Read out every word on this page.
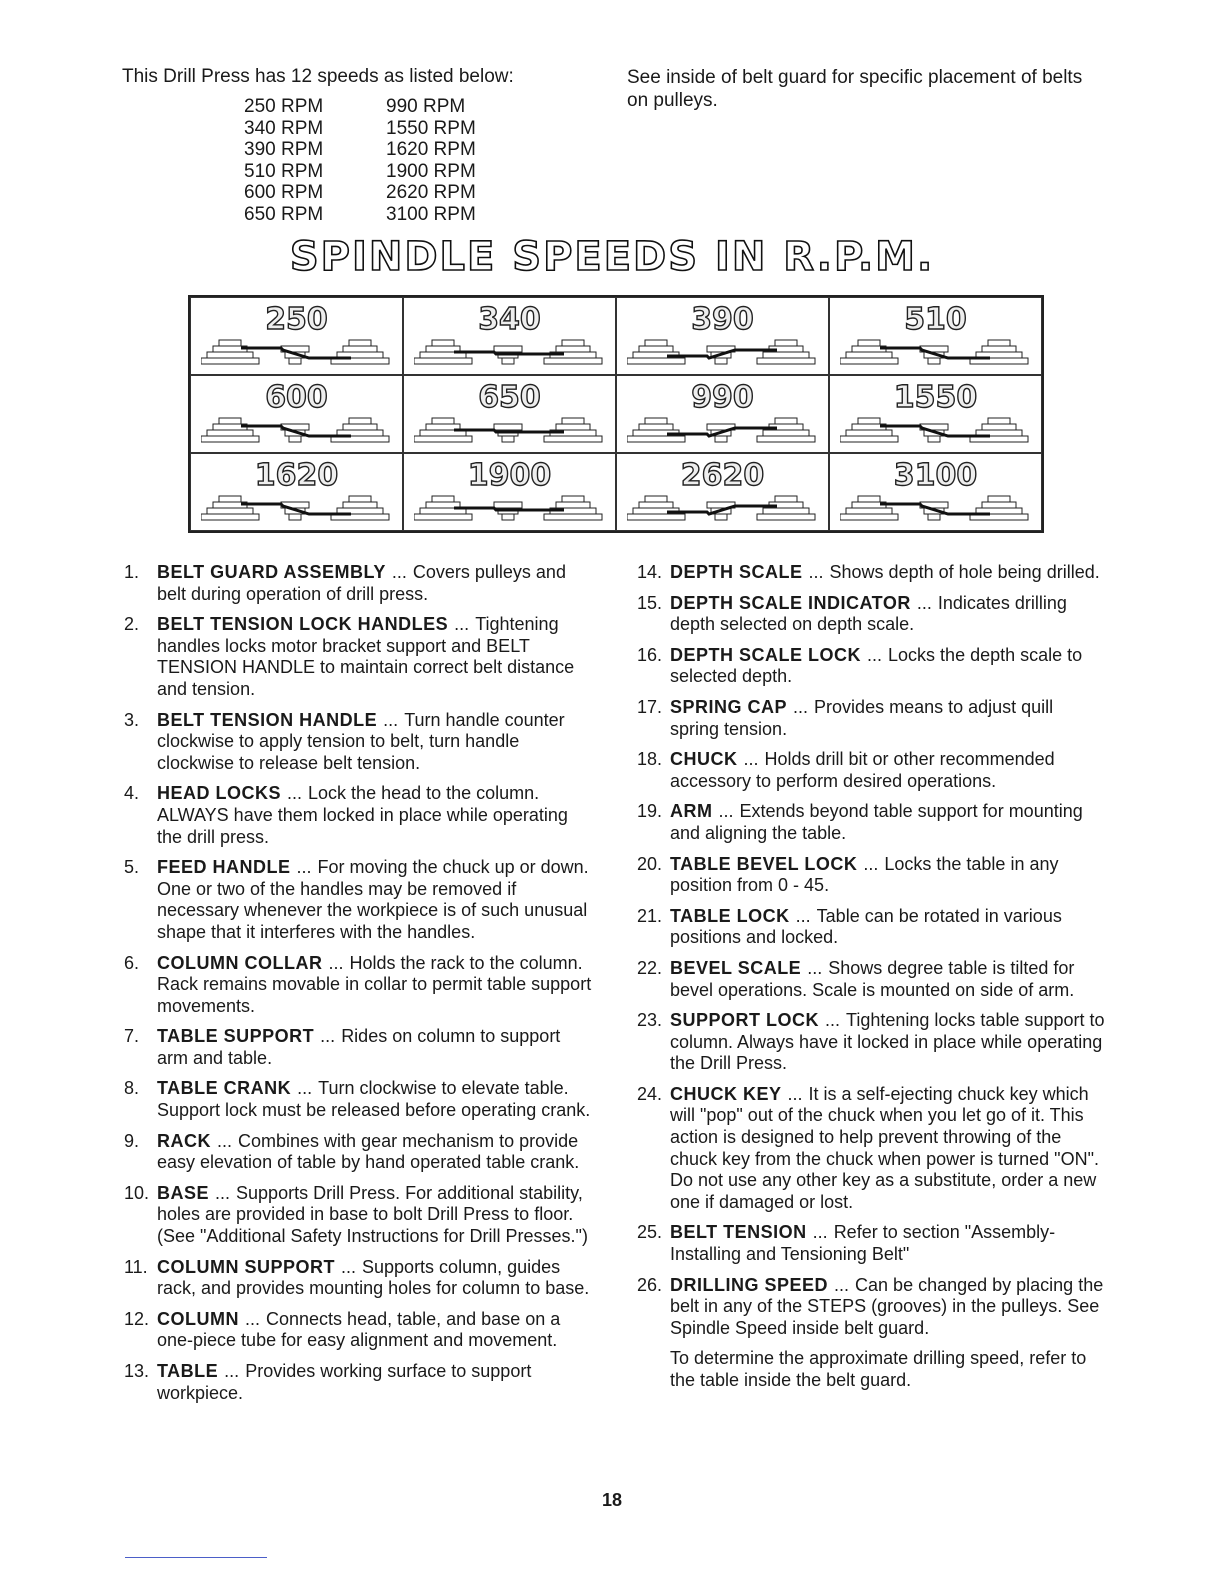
This Drill Press has 12 speeds as listed below:
250 RPM	990 RPM
340 RPM	1550 RPM
390 RPM	1620 RPM
510 RPM	1900 RPM
600 RPM	2620 RPM
650 RPM	3100 RPM
See inside of belt guard for specific placement of belts on pulleys.
SPINDLE SPEEDS IN R.P.M.
250	340	390	510
600	650	990	1550
1620	1900	2620	3100
1. BELT GUARD ASSEMBLY ... Covers pulleys and belt during operation of drill press.
2. BELT TENSION LOCK HANDLES ... Tightening handles locks motor bracket support and BELT TENSION HANDLE to maintain correct belt distance and tension.
3. BELT TENSION HANDLE ... Turn handle counter clockwise to apply tension to belt, turn handle clockwise to release belt tension.
4. HEAD LOCKS ... Lock the head to the column. ALWAYS have them locked in place while operating the drill press.
5. FEED HANDLE ... For moving the chuck up or down. One or two of the handles may be removed if necessary whenever the workpiece is of such unusual shape that it interferes with the handles.
6. COLUMN COLLAR ... Holds the rack to the column. Rack remains movable in collar to permit table support movements.
7. TABLE SUPPORT ... Rides on column to support arm and table.
8. TABLE CRANK ... Turn clockwise to elevate table. Support lock must be released before operating crank.
9. RACK ... Combines with gear mechanism to provide easy elevation of table by hand operated table crank.
10. BASE ... Supports Drill Press. For additional stability, holes are provided in base to bolt Drill Press to floor. (See "Additional Safety Instructions for Drill Presses.")
11. COLUMN SUPPORT ... Supports column, guides rack, and provides mounting holes for column to base.
12. COLUMN ... Connects head, table, and base on a one-piece tube for easy alignment and movement.
13. TABLE ... Provides working surface to support workpiece.
14. DEPTH SCALE ... Shows depth of hole being drilled.
15. DEPTH SCALE INDICATOR ... Indicates drilling depth selected on depth scale.
16. DEPTH SCALE LOCK ... Locks the depth scale to selected depth.
17. SPRING CAP ... Provides means to adjust quill spring tension.
18. CHUCK ... Holds drill bit or other recommended accessory to perform desired operations.
19. ARM ... Extends beyond table support for mounting and aligning the table.
20. TABLE BEVEL LOCK ... Locks the table in any position from 0 - 45.
21. TABLE LOCK ... Table can be rotated in various positions and locked.
22. BEVEL SCALE ... Shows degree table is tilted for bevel operations. Scale is mounted on side of arm.
23. SUPPORT LOCK ... Tightening locks table support to column. Always have it locked in place while operating the Drill Press.
24. CHUCK KEY ... It is a self-ejecting chuck key which will "pop" out of the chuck when you let go of it. This action is designed to help prevent throwing of the chuck key from the chuck when power is turned "ON". Do not use any other key as a substitute, order a new one if damaged or lost.
25. BELT TENSION ... Refer to section "Assembly-Installing and Tensioning Belt"
26. DRILLING SPEED ... Can be changed by placing the belt in any of the STEPS (grooves) in the pulleys. See Spindle Speed inside belt guard.
To determine the approximate drilling speed, refer to the table inside the belt guard.
18
